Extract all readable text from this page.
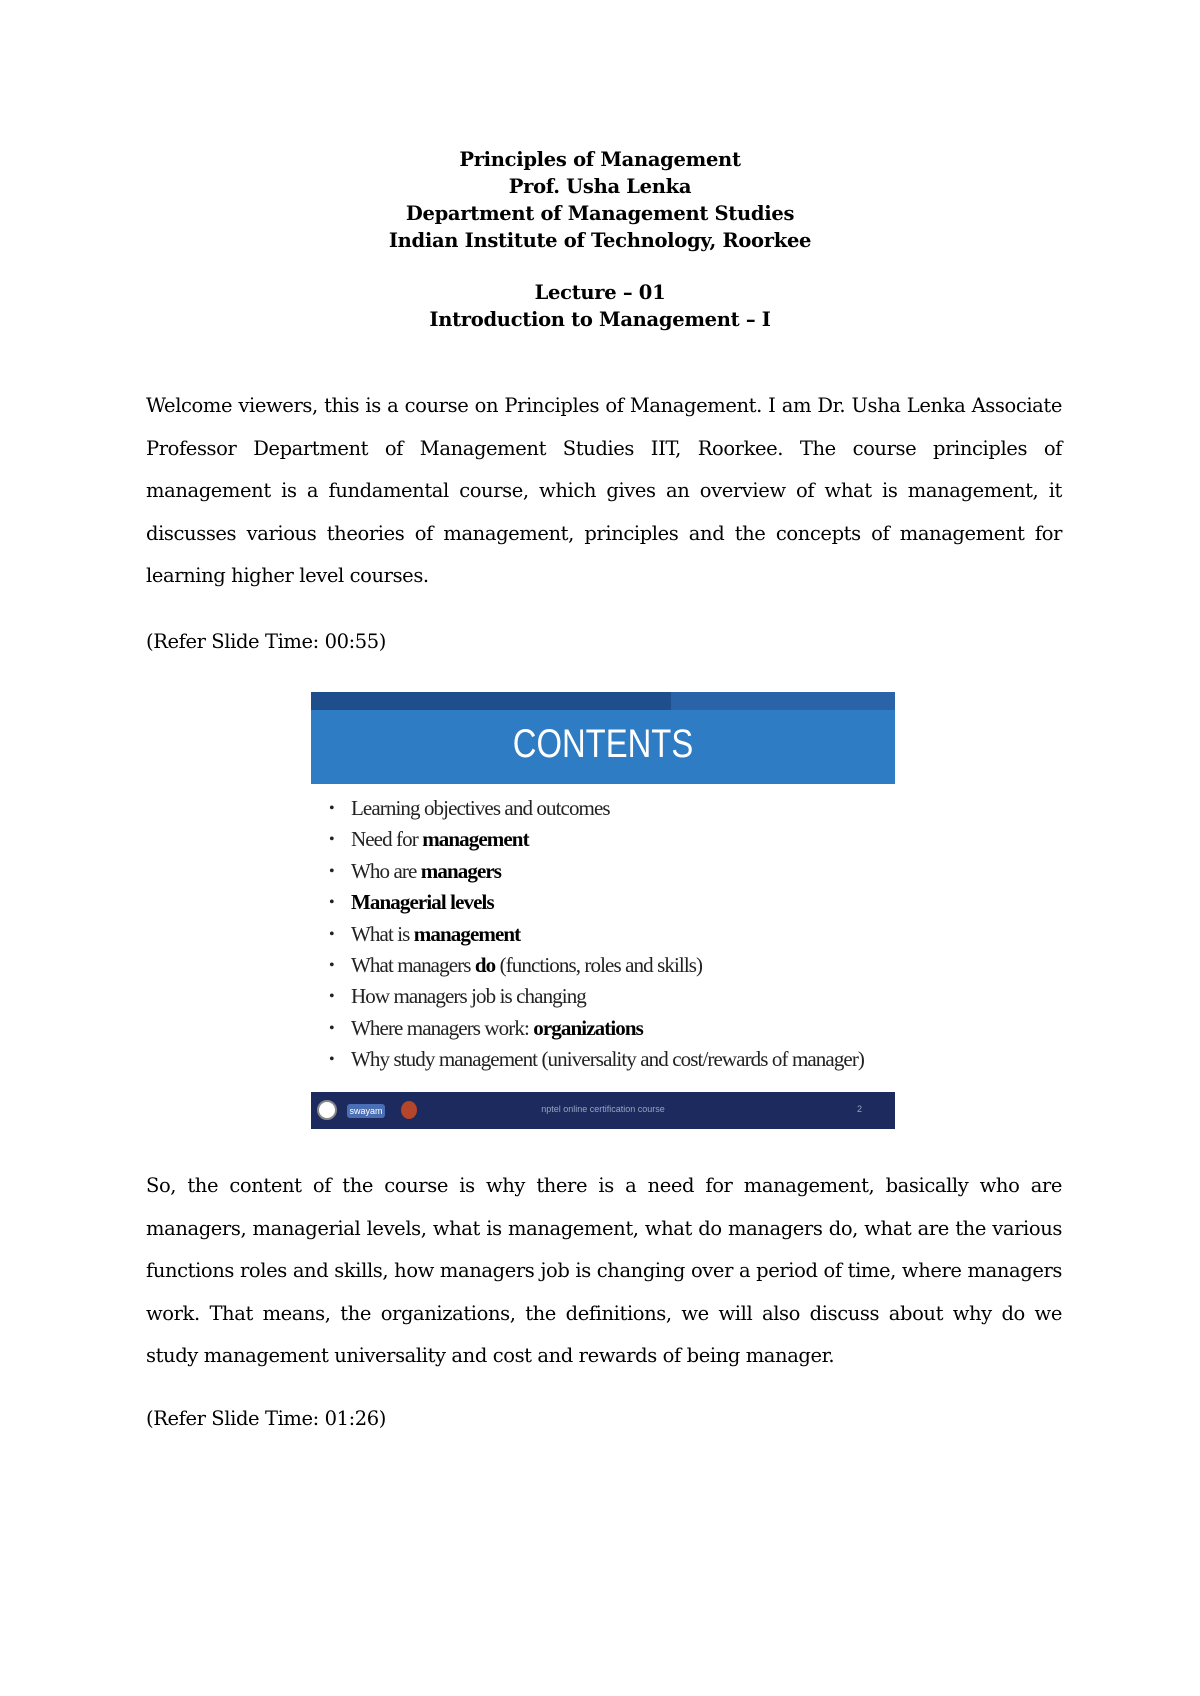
Principles of Management
Prof. Usha Lenka
Department of Management Studies
Indian Institute of Technology, Roorkee
Lecture – 01
Introduction to Management – I
Welcome viewers, this is a course on Principles of Management. I am Dr. Usha Lenka Associate Professor Department of Management Studies IIT, Roorkee. The course principles of management is a fundamental course, which gives an overview of what is management, it discusses various theories of management, principles and the concepts of management for learning higher level courses.
(Refer Slide Time: 00:55)
CONTENTS
• Learning objectives and outcomes
• Need for management
• Who are managers
• Managerial levels
• What is management
• What managers do (functions, roles and skills)
• How managers job is changing
• Where managers work: organizations
• Why study management (universality and cost/rewards of manager)
swayam	nptel online certification course	2
So, the content of the course is why there is a need for management, basically who are managers, managerial levels, what is management, what do managers do, what are the various functions roles and skills, how managers job is changing over a period of time, where managers work. That means, the organizations, the definitions, we will also discuss about why do we study management universality and cost and rewards of being manager.
(Refer Slide Time: 01:26)
